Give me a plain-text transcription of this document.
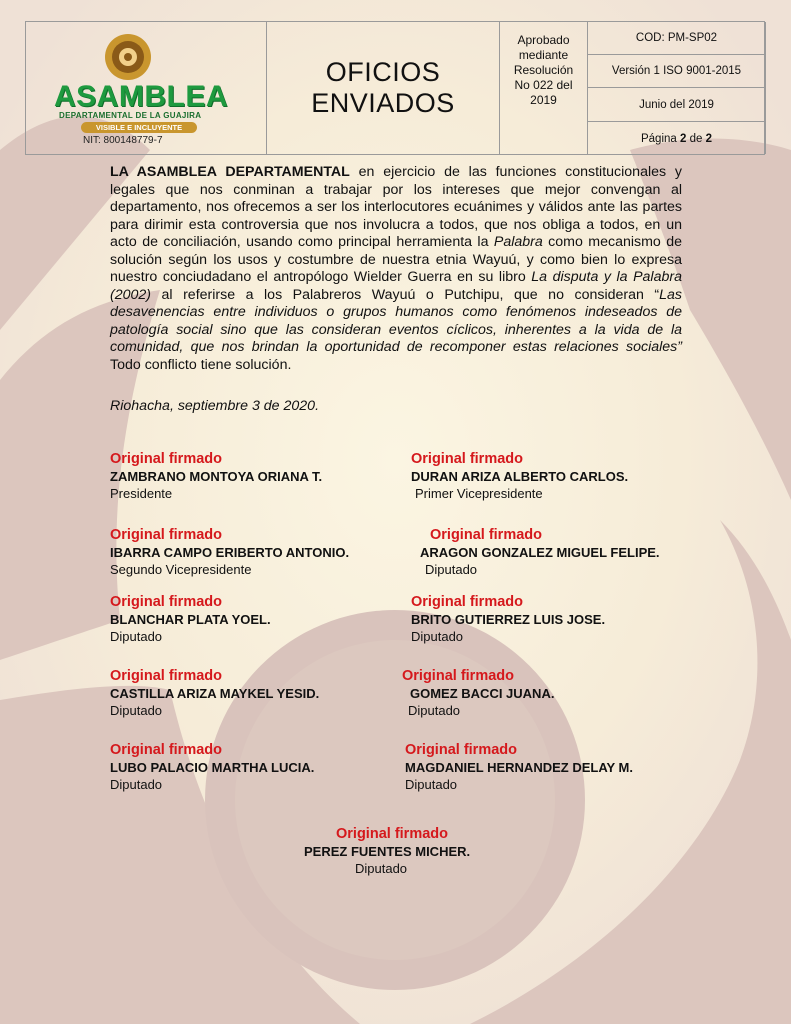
ASAMBLEA
DEPARTAMENTAL DE LA GUAJIRA
VISIBLE E INCLUYENTE
NIT: 800148779-7
OFICIOS
ENVIADOS
Aprobado
mediante
Resolución
No 022 del
2019
COD: PM-SP02
Versión 1 ISO 9001-2015
Junio del 2019
Página 2 de 2

LA ASAMBLEA DEPARTAMENTAL en ejercicio de las funciones constitucionales y legales que nos conminan a trabajar por los intereses que mejor convengan al departamento, nos ofrecemos a ser los interlocutores ecuánimes y válidos ante las partes para dirimir esta controversia que nos involucra a todos, que nos obliga a todos, en un acto de conciliación, usando como principal herramienta la Palabra como mecanismo de solución según los usos y costumbre de nuestra etnia Wayuú, y como bien lo expresa nuestro conciudadano el antropólogo Wielder Guerra en su libro La disputa y la Palabra (2002) al referirse a los Palabreros Wayuú o Putchipu, que no consideran “Las desavenencias entre individuos o grupos humanos como fenómenos indeseados de patología social sino que las consideran eventos cíclicos, inherentes a la vida de la comunidad, que nos brindan la oportunidad de recomponer estas relaciones sociales” Todo conflicto tiene solución.

Riohacha, septiembre 3 de 2020.
Original firmado
ZAMBRANO MONTOYA ORIANA T.
Presidente
Original firmado
DURAN ARIZA ALBERTO CARLOS.
Primer Vicepresidente
Original firmado
IBARRA CAMPO ERIBERTO ANTONIO.
Segundo Vicepresidente
Original firmado
ARAGON GONZALEZ MIGUEL FELIPE.
Diputado
Original firmado
BLANCHAR PLATA YOEL.
Diputado
Original firmado
BRITO GUTIERREZ LUIS JOSE.
Diputado
Original firmado
CASTILLA ARIZA MAYKEL YESID.
Diputado
Original firmado
GOMEZ BACCI JUANA.
Diputado
Original firmado
LUBO PALACIO MARTHA LUCIA.
Diputado
Original firmado
MAGDANIEL HERNANDEZ DELAY M.
Diputado
Original firmado
PEREZ FUENTES MICHER.
Diputado
